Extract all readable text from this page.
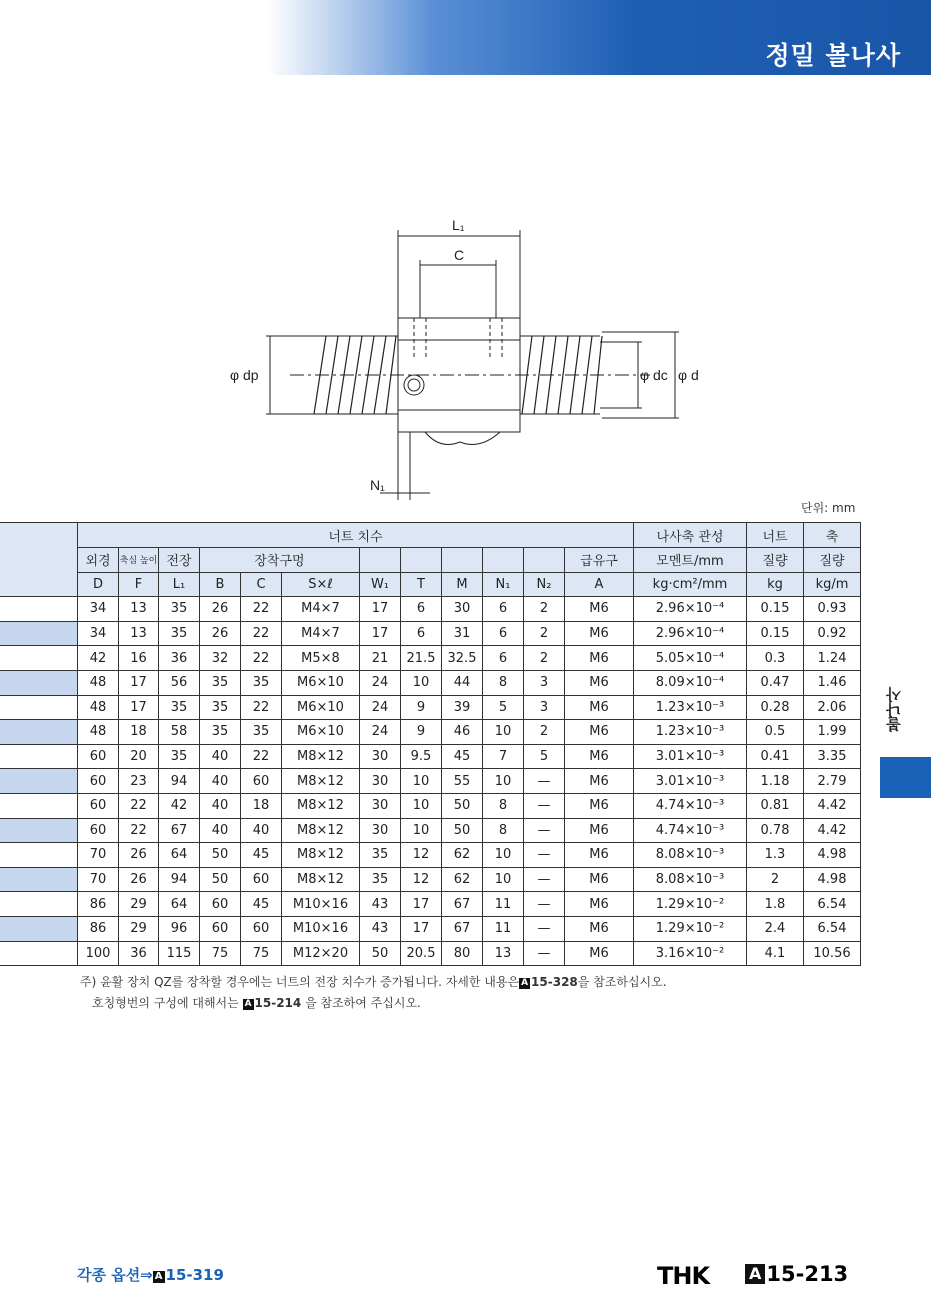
정밀 볼나사
L₁
C
φ dp	φ dc φ d
N₁
단위: mm
	너트 치수												나사축 관성	너트	축
	외경	축심 높이	전장	장착구멍								급유구	모멘트/mm	질량	질량
	D	F	L₁	B	C	S×ℓ	W₁	T	M	N₁	N₂	A	kg·cm²/mm	kg	kg/m
	34	13	35	26	22	M4×7	17	6	30	6	2	M6	2.96×10⁻⁴	0.15	0.93
	34	13	35	26	22	M4×7	17	6	31	6	2	M6	2.96×10⁻⁴	0.15	0.92
	42	16	36	32	22	M5×8	21	21.5	32.5	6	2	M6	5.05×10⁻⁴	0.3	1.24
	48	17	56	35	35	M6×10	24	10	44	8	3	M6	8.09×10⁻⁴	0.47	1.46
	48	17	35	35	22	M6×10	24	9	39	5	3	M6	1.23×10⁻³	0.28	2.06
	48	18	58	35	35	M6×10	24	9	46	10	2	M6	1.23×10⁻³	0.5	1.99
	60	20	35	40	22	M8×12	30	9.5	45	7	5	M6	3.01×10⁻³	0.41	3.35
	60	23	94	40	60	M8×12	30	10	55	10	—	M6	3.01×10⁻³	1.18	2.79
	60	22	42	40	18	M8×12	30	10	50	8	—	M6	4.74×10⁻³	0.81	4.42
	60	22	67	40	40	M8×12	30	10	50	8	—	M6	4.74×10⁻³	0.78	4.42
	70	26	64	50	45	M8×12	35	12	62	10	—	M6	8.08×10⁻³	1.3	4.98
	70	26	94	50	60	M8×12	35	12	62	10	—	M6	8.08×10⁻³	2	4.98
	86	29	64	60	45	M10×16	43	17	67	11	—	M6	1.29×10⁻²	1.8	6.54
	86	29	96	60	60	M10×16	43	17	67	11	—	M6	1.29×10⁻²	2.4	6.54
	100	36	115	75	75	M12×20	50	20.5	80	13	—	M6	3.16×10⁻²	4.1	10.56
주) 윤활 장치 QZ를 장착할 경우에는 너트의 전장 치수가 증가됩니다. 자세한 내용은 A 15-328을 참조하십시오.
호칭형번의 구성에 대해서는 A 15-214 을 참조하여 주십시오.
볼나사
각종 옵션⇒ A 15-319	THK A 15-213
